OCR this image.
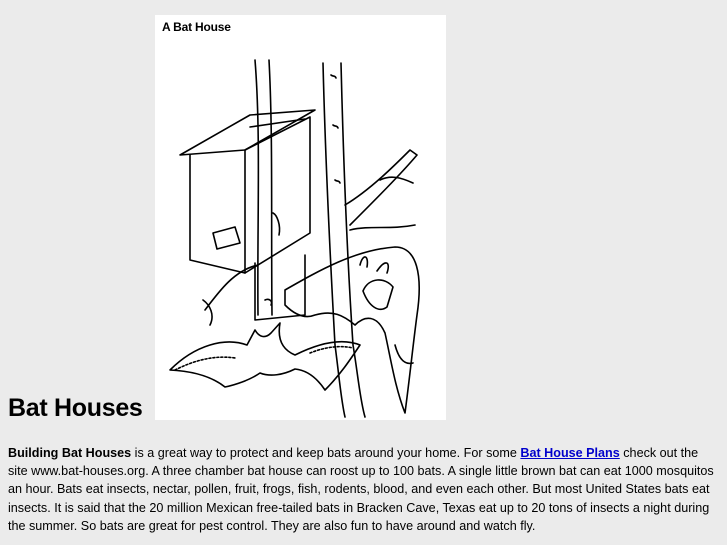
A Bat House
Bat Houses

Building Bat Houses is a great way to protect and keep bats around your home. For some Bat House Plans check out the site www.bat-houses.org. A three chamber bat house can roost up to 100 bats. A single little brown bat can eat 1000 mosquitos an hour. Bats eat insects, nectar, pollen, fruit, frogs, fish, rodents, blood, and even each other. But most United States bats eat insects. It is said that the 20 million Mexican free-tailed bats in Bracken Cave, Texas eat up to 20 tons of insects a night during the summer. So bats are great for pest control. They are also fun to have around and watch fly.
